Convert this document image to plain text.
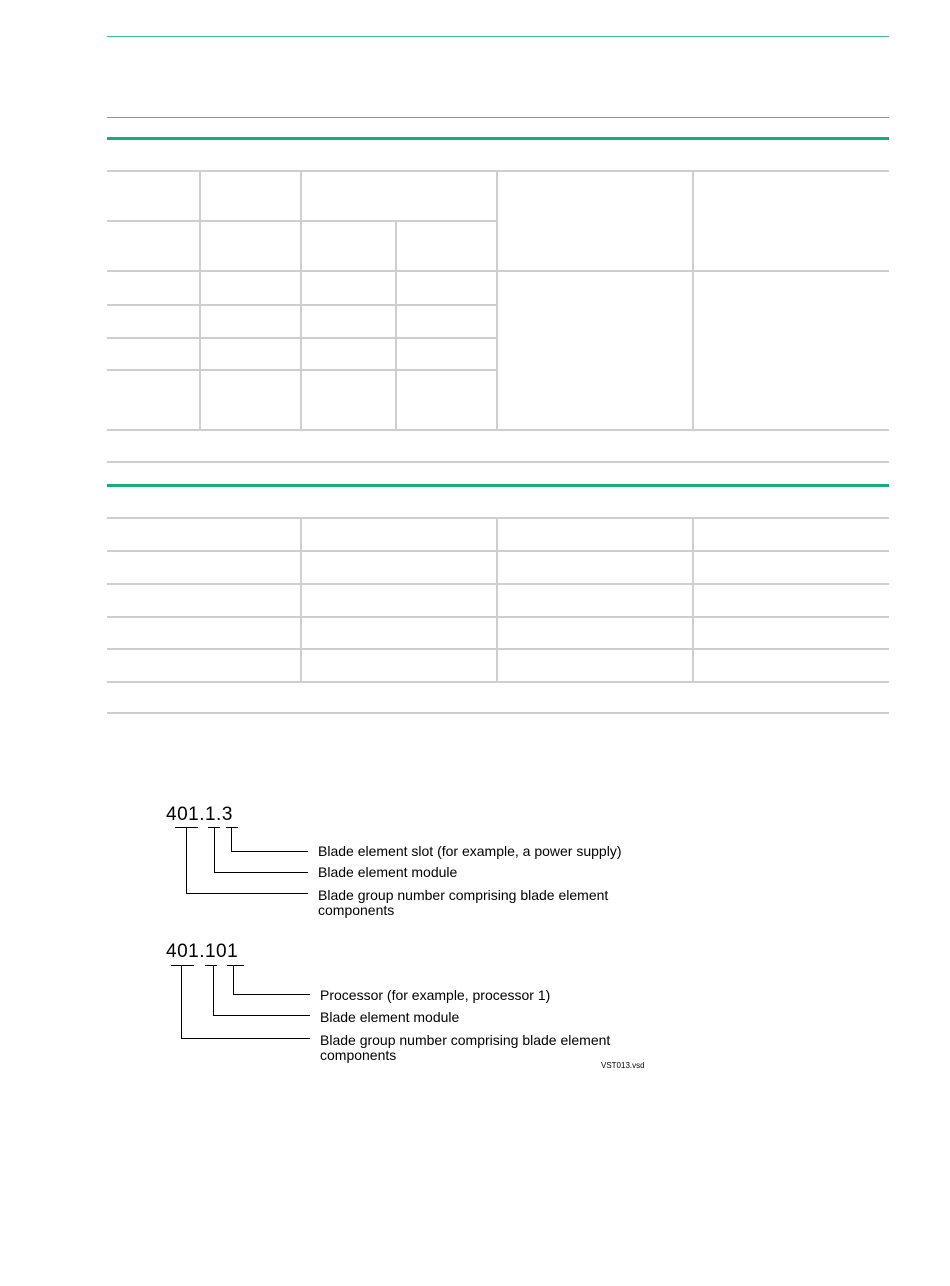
401.1.3
Blade element slot (for example, a power supply)
Blade element module
Blade group number comprising blade element
components
401.101
Processor (for example, processor 1)
Blade element module
Blade group number comprising blade element
components
VST013.vsd
